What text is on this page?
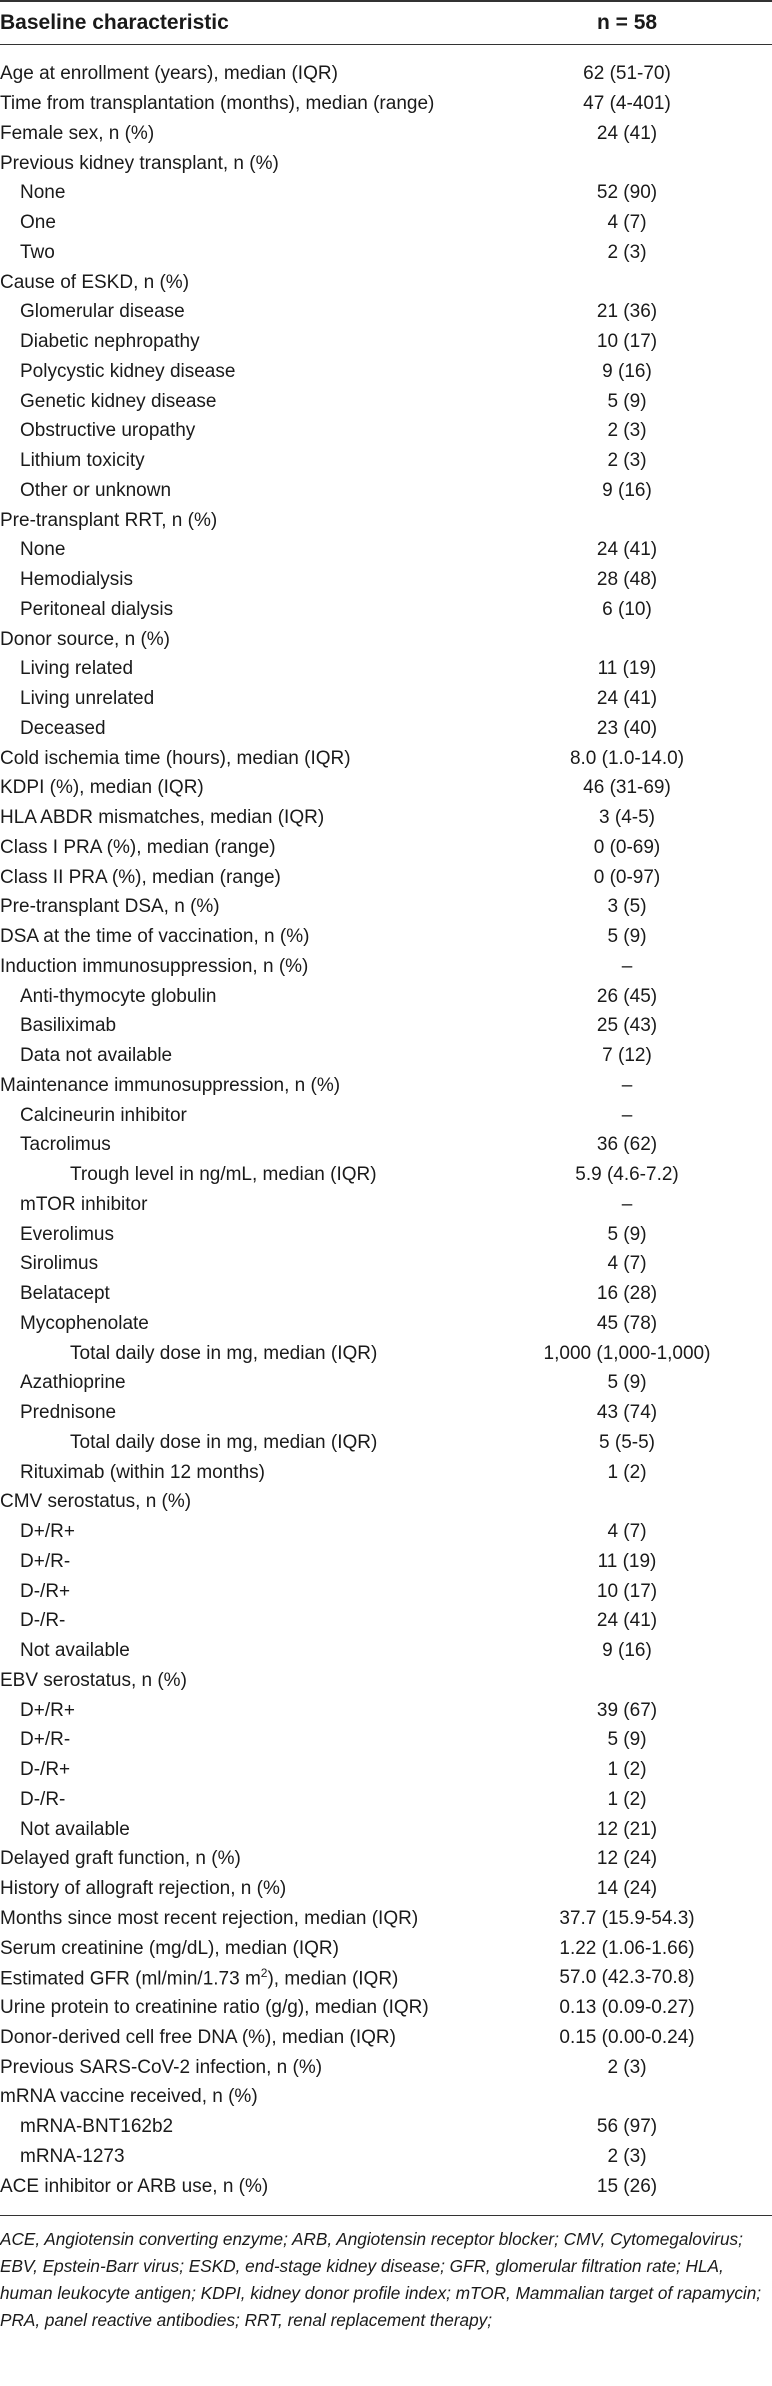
Baseline characteristic	n = 58
Age at enrollment (years), median (IQR)	62 (51-70)
Time from transplantation (months), median (range)	47 (4-401)
Female sex, n (%)	24 (41)
Previous kidney transplant, n (%)
None	52 (90)
One	4 (7)
Two	2 (3)
Cause of ESKD, n (%)
Glomerular disease	21 (36)
Diabetic nephropathy	10 (17)
Polycystic kidney disease	9 (16)
Genetic kidney disease	5 (9)
Obstructive uropathy	2 (3)
Lithium toxicity	2 (3)
Other or unknown	9 (16)
Pre-transplant RRT, n (%)
None	24 (41)
Hemodialysis	28 (48)
Peritoneal dialysis	6 (10)
Donor source, n (%)
Living related	11 (19)
Living unrelated	24 (41)
Deceased	23 (40)
Cold ischemia time (hours), median (IQR)	8.0 (1.0-14.0)
KDPI (%), median (IQR)	46 (31-69)
HLA ABDR mismatches, median (IQR)	3 (4-5)
Class I PRA (%), median (range)	0 (0-69)
Class II PRA (%), median (range)	0 (0-97)
Pre-transplant DSA, n (%)	3 (5)
DSA at the time of vaccination, n (%)	5 (9)
Induction immunosuppression, n (%)	–
Anti-thymocyte globulin	26 (45)
Basiliximab	25 (43)
Data not available	7 (12)
Maintenance immunosuppression, n (%)	–
Calcineurin inhibitor	–
Tacrolimus	36 (62)
Trough level in ng/mL, median (IQR)	5.9 (4.6-7.2)
mTOR inhibitor	–
Everolimus	5 (9)
Sirolimus	4 (7)
Belatacept	16 (28)
Mycophenolate	45 (78)
Total daily dose in mg, median (IQR)	1,000 (1,000-1,000)
Azathioprine	5 (9)
Prednisone	43 (74)
Total daily dose in mg, median (IQR)	5 (5-5)
Rituximab (within 12 months)	1 (2)
CMV serostatus, n (%)
D+/R+	4 (7)
D+/R-	11 (19)
D-/R+	10 (17)
D-/R-	24 (41)
Not available	9 (16)
EBV serostatus, n (%)
D+/R+	39 (67)
D+/R-	5 (9)
D-/R+	1 (2)
D-/R-	1 (2)
Not available	12 (21)
Delayed graft function, n (%)	12 (24)
History of allograft rejection, n (%)	14 (24)
Months since most recent rejection, median (IQR)	37.7 (15.9-54.3)
Serum creatinine (mg/dL), median (IQR)	1.22 (1.06-1.66)
Estimated GFR (ml/min/1.73 $m^2$), median (IQR)	57.0 (42.3-70.8)
Urine protein to creatinine ratio (g/g), median (IQR)	0.13 (0.09-0.27)
Donor-derived cell free DNA (%), median (IQR)	0.15 (0.00-0.24)
Previous SARS-CoV-2 infection, n (%)	2 (3)
mRNA vaccine received, n (%)
mRNA-BNT162b2	56 (97)
mRNA-1273	2 (3)
ACE inhibitor or ARB use, n (%)	15 (26)
ACE, Angiotensin converting enzyme; ARB, Angiotensin receptor blocker; CMV, Cytomegalovirus; EBV, Epstein-Barr virus; ESKD, end-stage kidney disease; GFR, glomerular filtration rate; HLA, human leukocyte antigen; KDPI, kidney donor profile index; mTOR, Mammalian target of rapamycin; PRA, panel reactive antibodies; RRT, renal replacement therapy;
